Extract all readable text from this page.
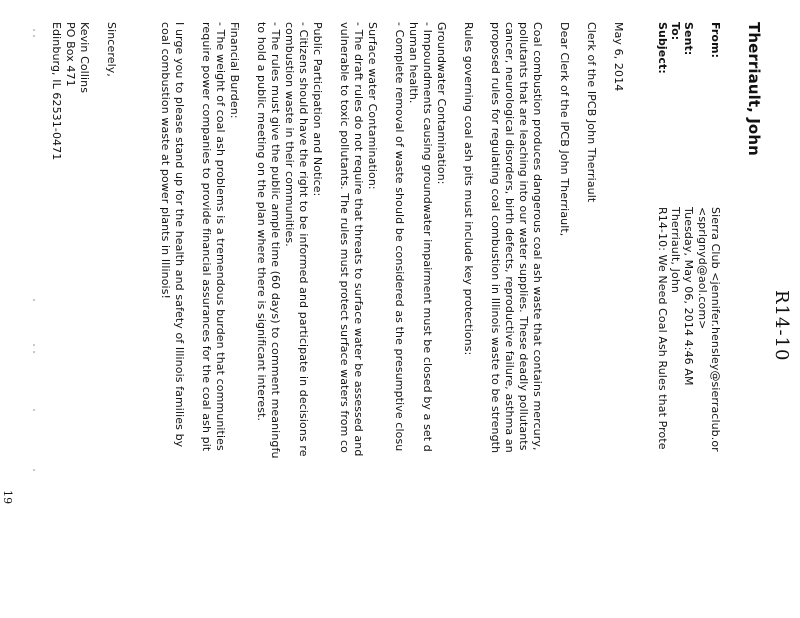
R14-10
Therriault, John
From:
Sierra Club <jennifer.hensley@sierraclub.or
<sprlgnyd@aol.com>
Sent:
Tuesday, May 06, 2014 4:46 AM
To:
Therriault, John
Subject:
R14-10: We Need Coal Ash Rules that Prote
May 6, 2014
Clerk of the IPCB John Therriault
Dear Clerk of the IPCB John Therriault,
Coal combustion produces dangerous coal ash waste that contains mercury,
pollutants that are leaching into our water supplies. These deadly pollutants
cancer, neurological disorders, birth defects, reproductive failure, asthma an
proposed rules for regulating coal combustion in Illinois waste to be strength
Rules governing coal ash pits must include key protections:
Groundwater Contamination:
- Impoundments causing groundwater impairment must be closed by a set d
human health.
- Complete removal of waste should be considered as the presumptive closu
Surface water Contamination:
- The draft rules do not require that threats to surface water be assessed and
vulnerable to toxic pollutants. The rules must protect surface waters from co
Public Participation and Notice:
- Citizens should have the right to be informed and participate in decisions re
combustion waste in their communities.
- The rules must give the public ample time (60 days) to comment meaningfu
to hold a public meeting on the plan where there is significant interest.
Financial Burden:
- The weight of coal ash problems is a tremendous burden that communities
require power companies to provide financial assurances for the coal ash pit
I urge you to please stand up for the health and safety of Illinois families by
coal combustion waste at power plants in Illinois!
Sincerely,
Kevin Collins
PO Box 471
Edinburg, IL 62531-0471
19
